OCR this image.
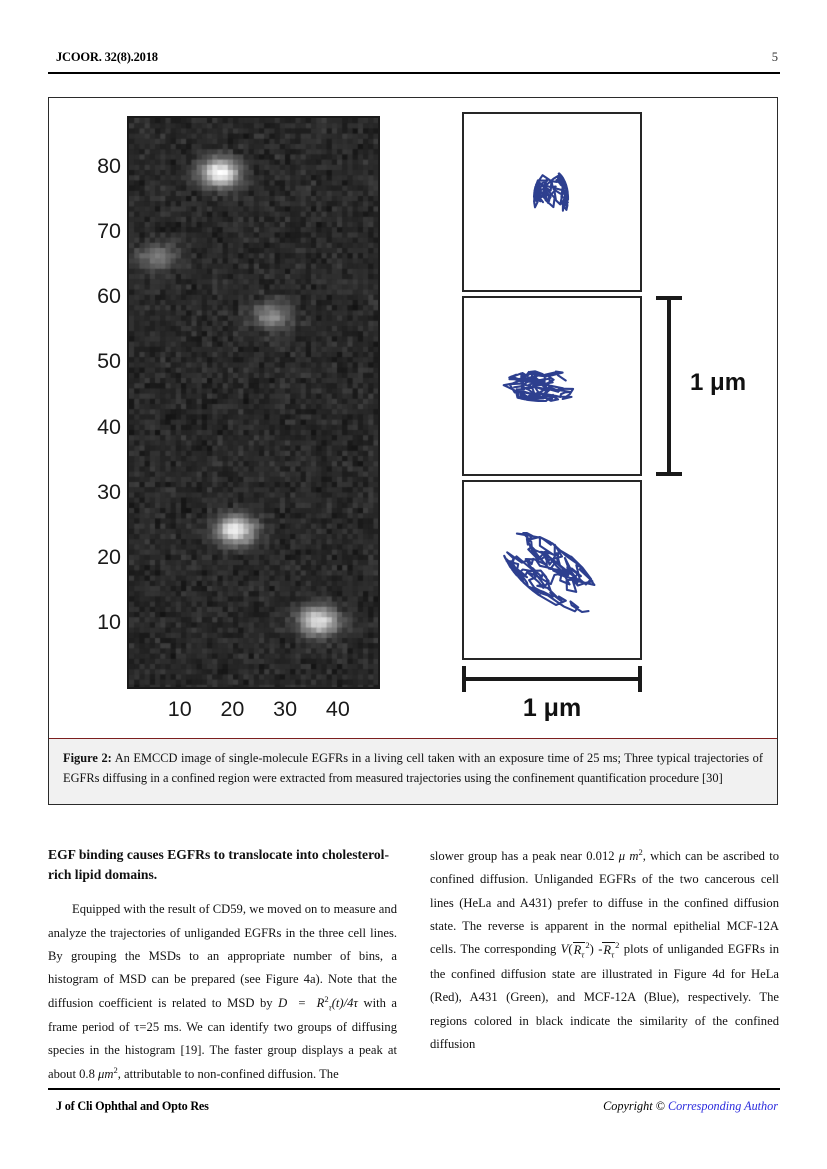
JCOOR. 32(8).2018	5
10
20
30
40
50
60
70
80
10	20	30	40
1 μm
1 μm
Figure 2: An EMCCD image of single-molecule EGFRs in a living cell taken with an exposure time of 25 ms; Three typical trajectories of EGFRs diffusing in a confined region were extracted from measured trajectories using the confinement quantification procedure [30]
EGF binding causes EGFRs to translocate into cholesterol-rich lipid domains.

Equipped with the result of CD59, we moved on to measure and analyze the trajectories of unliganded EGFRs in the three cell lines. By grouping the MSDs to an appropriate number of bins, a histogram of MSD can be prepared (see Figure 4a). Note that the diffusion coefficient is related to MSD by $D = R^2_\tau(t)/4\tau$ with a frame period of τ=25 ms. We can identify two groups of diffusing species in the histogram [19]. The faster group displays a peak at about 0.8 $\mu m^2$, attributable to non-confined diffusion. The

slower group has a peak near 0.012 μ $m^2$, which can be ascribed to confined diffusion. Unliganded EGFRs of the two cancerous cell lines (HeLa and A431) prefer to diffuse in the confined diffusion state. The reverse is apparent in the normal epithelial MCF-12A cells. The corresponding $V(R_\tau^2)$ $-R_\tau^2$ plots of unliganded EGFRs in the confined diffusion state are illustrated in Figure 4d for HeLa (Red), A431 (Green), and MCF-12A (Blue), respectively. The regions colored in black indicate the similarity of the confined diffusion

J of Cli Ophthal and Opto Res	Copyright © Corresponding Author
